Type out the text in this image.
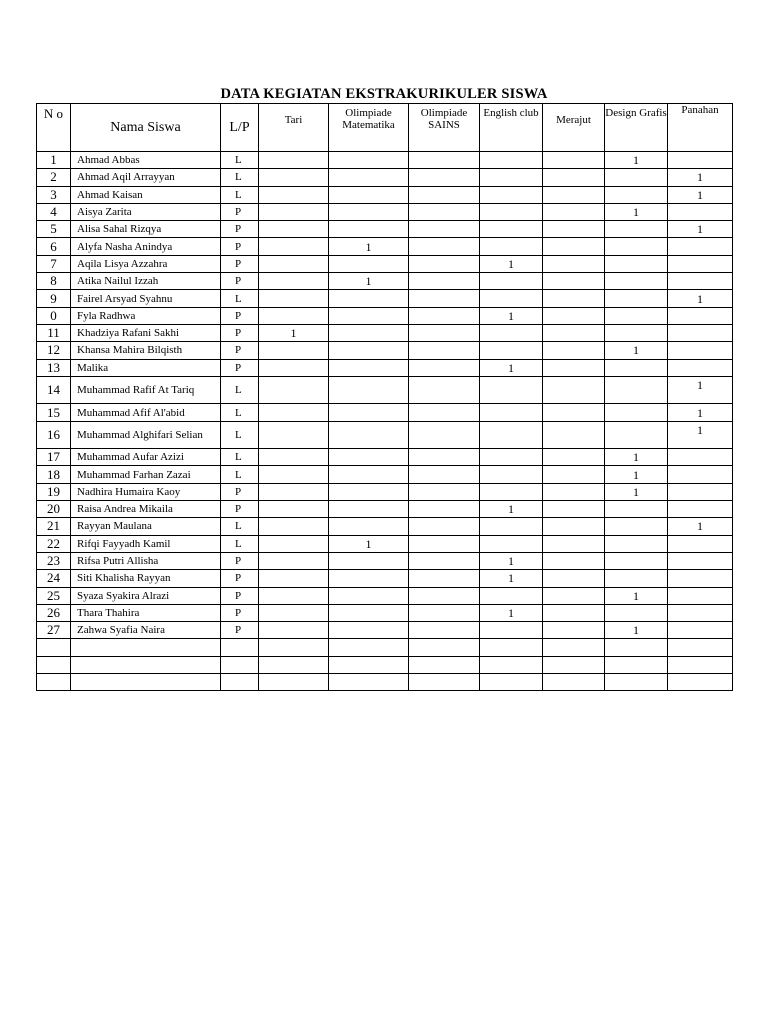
DATA KEGIATAN EKSTRAKURIKULER SISWA
N o	Nama Siswa	L/P	Tari	Olimpiade Matematika	Olimpiade SAINS	English club	Merajut	Design Grafis	Panahan
1	Ahmad Abbas	L						1	
2	Ahmad Aqil Arrayyan	L							1
3	Ahmad Kaisan	L							1
4	Aisya Zarita	P						1	
5	Alisa Sahal Rizqya	P							1
6	Alyfa Nasha Anindya	P		1					
7	Aqila Lisya Azzahra	P				1			
8	Atika Nailul Izzah	P		1					
9	Fairel Arsyad Syahnu	L							1
0	Fyla Radhwa	P				1			
11	Khadziya Rafani Sakhi	P	1						
12	Khansa Mahira Bilqisth	P						1	
13	Malika	P				1			
14	Muhammad Rafif At Tariq	L							1
15	Muhammad Afif Al'abid	L							1
16	Muhammad Alghifari Selian	L							1
17	Muhammad Aufar Azizi	L						1	
18	Muhammad Farhan Zazai	L						1	
19	Nadhira Humaira Kaoy	P						1	
20	Raisa Andrea Mikaila	P				1			
21	Rayyan Maulana	L							1
22	Rifqi Fayyadh Kamil	L		1					
23	Rifsa Putri Allisha	P				1			
24	Siti Khalisha Rayyan	P				1			
25	Syaza Syakira Alrazi	P						1	
26	Thara Thahira	P				1			
27	Zahwa Syafia Naira	P						1	
